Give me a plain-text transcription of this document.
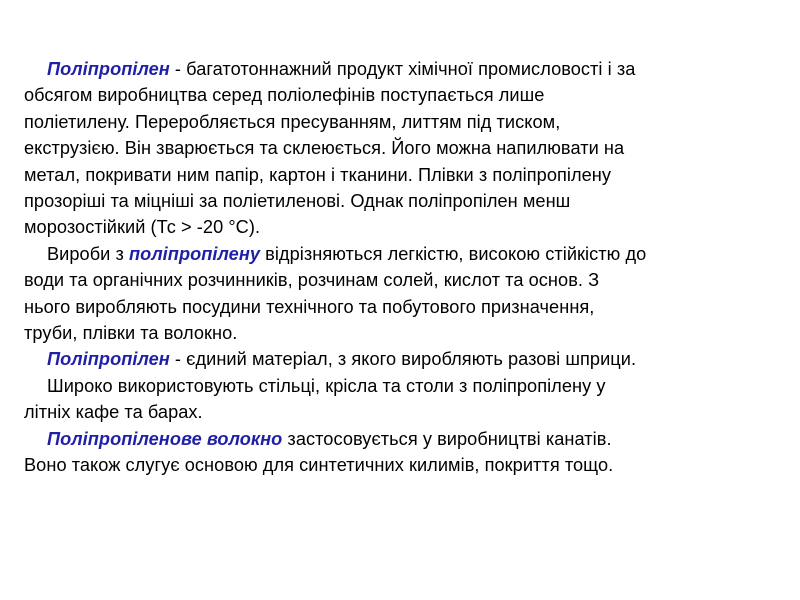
Поліпропілен - багатотоннажний продукт хімічної промисловості і за
обсягом виробництва серед поліолефінів поступається лише
поліетилену. Переробляється пресуванням, литтям під тиском,
екструзією. Він зварюється та склеюється. Його можна напилювати на
метал, покривати ним папір, картон і тканини. Плівки з поліпропілену
прозоріші та міцніші за поліетиленові. Однак поліпропілен менш
морозостійкий (Тс > -20 °С).
Вироби з поліпропілену відрізняються легкістю, високою стійкістю до
води та органічних розчинників, розчинам солей, кислот та основ. З
нього виробляють посудини технічного та побутового призначення,
труби, плівки та волокно.
Поліпропілен - єдиний матеріал, з якого виробляють разові шприци.
Широко використовують стільці, крісла та столи з поліпропілену у
літніх кафе та барах.
Поліпропіленове волокно застосовується у виробництві канатів.
Воно також слугує основою для синтетичних килимів, покриття тощо.
